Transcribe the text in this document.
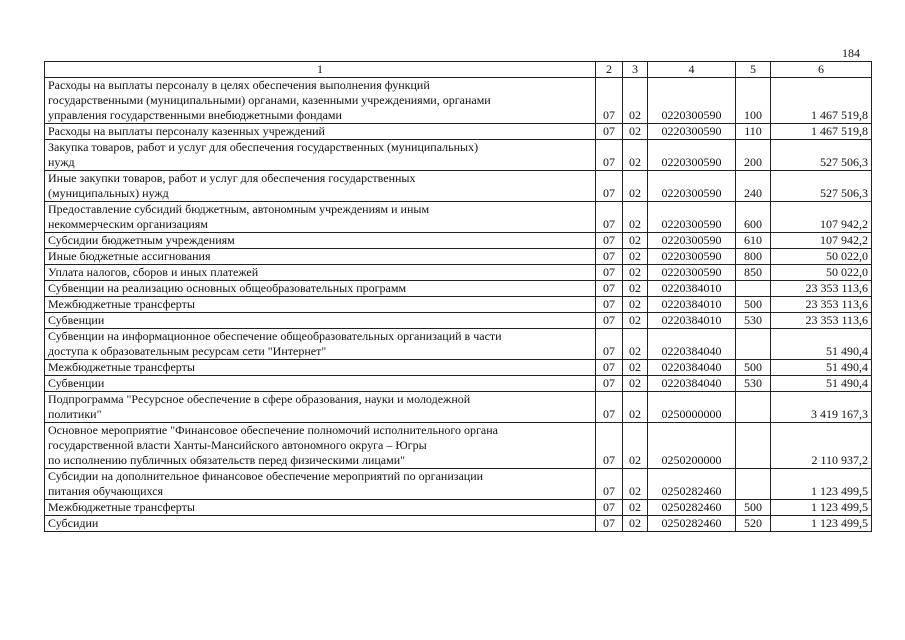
184
1	2	3	4	5	6

Расходы на выплаты персоналу в целях обеспечения выполнения функций
государственными (муниципальными) органами, казенными учреждениями, органами
управления государственными внебюджетными фондами	07	02	0220300590	100	1 467 519,8

Расходы на выплаты персоналу казенных учреждений	07	02	0220300590	110	1 467 519,8

Закупка товаров, работ и услуг для обеспечения государственных (муниципальных)
нужд	07	02	0220300590	200	527 506,3

Иные закупки товаров, работ и услуг для обеспечения государственных
(муниципальных) нужд	07	02	0220300590	240	527 506,3

Предоставление субсидий бюджетным, автономным учреждениям и иным
некоммерческим организациям	07	02	0220300590	600	107 942,2

Субсидии бюджетным учреждениям	07	02	0220300590	610	107 942,2

Иные бюджетные ассигнования	07	02	0220300590	800	50 022,0

Уплата налогов, сборов и иных платежей	07	02	0220300590	850	50 022,0

Субвенции на реализацию основных общеобразовательных программ	07	02	0220384010		23 353 113,6

Межбюджетные трансферты	07	02	0220384010	500	23 353 113,6

Субвенции	07	02	0220384010	530	23 353 113,6

Субвенции на информационное обеспечение общеобразовательных организаций в части
доступа к образовательным ресурсам сети "Интернет"	07	02	0220384040		51 490,4

Межбюджетные трансферты	07	02	0220384040	500	51 490,4

Субвенции	07	02	0220384040	530	51 490,4

Подпрограмма "Ресурсное обеспечение в сфере образования, науки и молодежной
политики"	07	02	0250000000		3 419 167,3

Основное мероприятие "Финансовое обеспечение полномочий исполнительного органа
государственной власти Ханты-Мансийского автономного округа – Югры
по исполнению публичных обязательств перед физическими лицами"	07	02	0250200000		2 110 937,2

Субсидии на дополнительное финансовое обеспечение мероприятий по организации
питания обучающихся	07	02	0250282460		1 123 499,5

Межбюджетные трансферты	07	02	0250282460	500	1 123 499,5

Субсидии	07	02	0250282460	520	1 123 499,5
